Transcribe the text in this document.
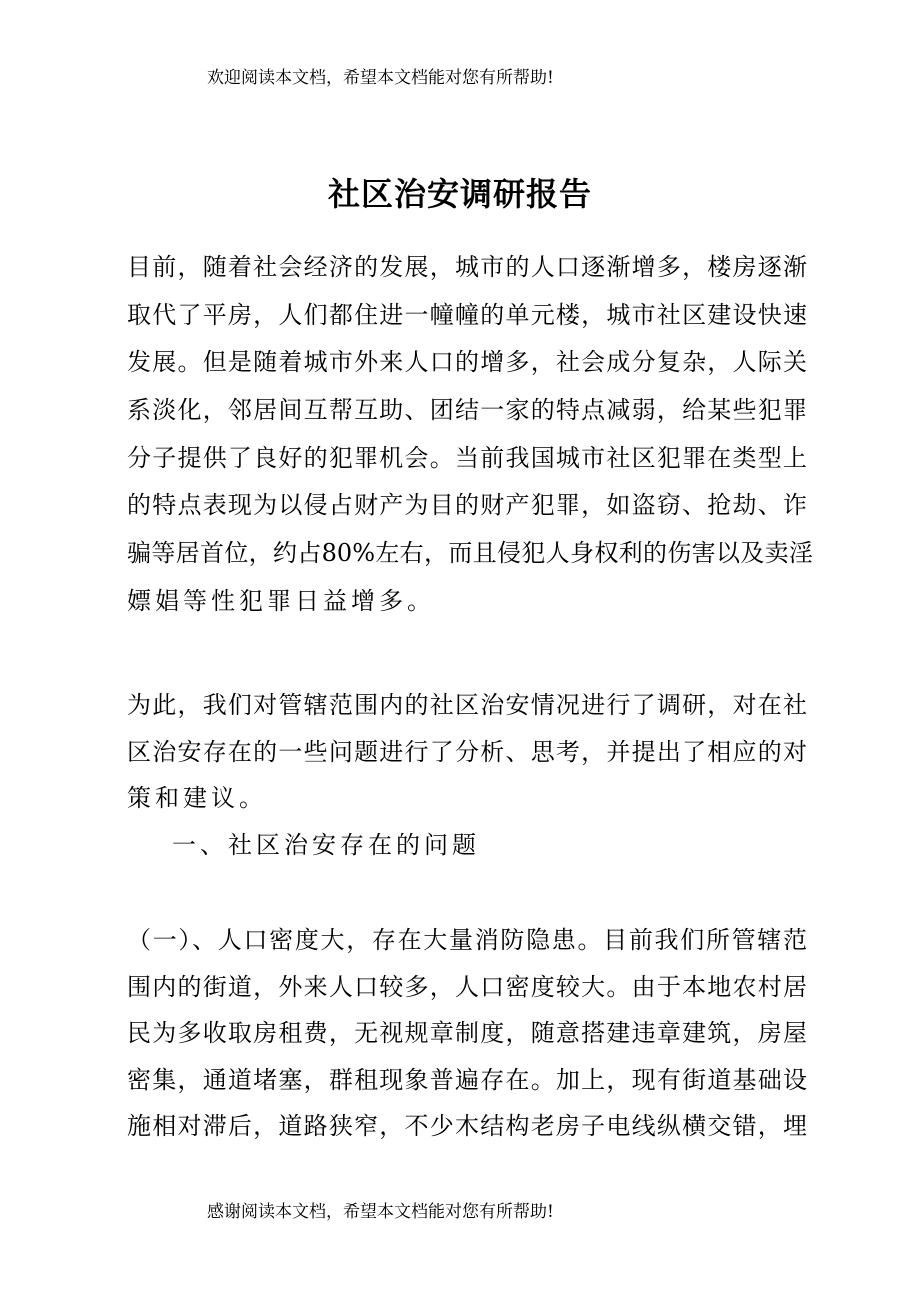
欢迎阅读本文档，希望本文档能对您有所帮助!
社区治安调研报告
目前，随着社会经济的发展，城市的人口逐渐增多，楼房逐渐
取代了平房，人们都住进一幢幢的单元楼，城市社区建设快速
发展。但是随着城市外来人口的增多，社会成分复杂，人际关
系淡化，邻居间互帮互助、团结一家的特点减弱，给某些犯罪
分子提供了良好的犯罪机会。当前我国城市社区犯罪在类型上
的特点表现为以侵占财产为目的财产犯罪，如盗窃、抢劫、诈
骗等居首位，约占80%左右，而且侵犯人身权利的伤害以及卖淫
嫖娼等性犯罪日益增多。
为此，我们对管辖范围内的社区治安情况进行了调研，对在社
区治安存在的一些问题进行了分析、思考，并提出了相应的对
策和建议。
一、社区治安存在的问题
（一）、人口密度大，存在大量消防隐患。目前我们所管辖范
围内的街道，外来人口较多，人口密度较大。由于本地农村居
民为多收取房租费，无视规章制度，随意搭建违章建筑，房屋
密集，通道堵塞，群租现象普遍存在。加上，现有街道基础设
施相对滞后，道路狭窄，不少木结构老房子电线纵横交错，埋
感谢阅读本文档，希望本文档能对您有所帮助!
